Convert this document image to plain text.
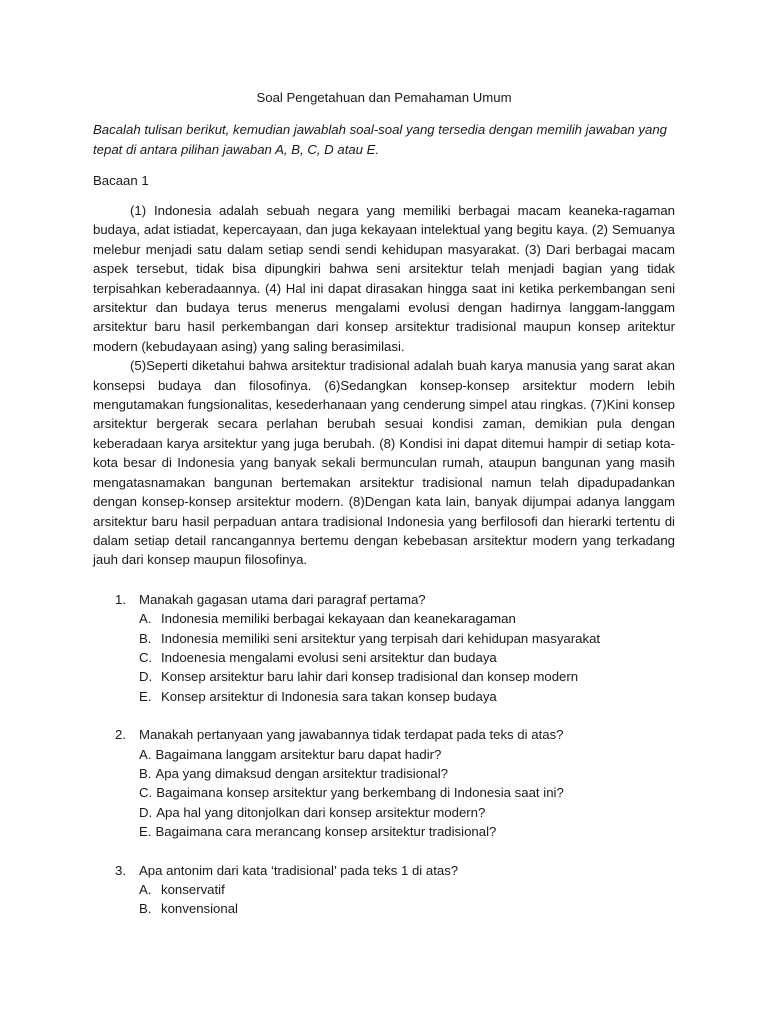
Soal Pengetahuan dan Pemahaman Umum
Bacalah tulisan berikut, kemudian jawablah soal-soal yang tersedia dengan memilih jawaban yang tepat di antara pilihan jawaban A, B, C, D atau E.
Bacaan 1

(1) Indonesia adalah sebuah negara yang memiliki berbagai macam keaneka-ragaman budaya, adat istiadat, kepercayaan, dan juga kekayaan intelektual yang begitu kaya. (2) Semuanya melebur menjadi satu dalam setiap sendi sendi kehidupan masyarakat. (3) Dari berbagai macam aspek tersebut, tidak bisa dipungkiri bahwa seni arsitektur telah menjadi bagian yang tidak terpisahkan keberadaannya. (4) Hal ini dapat dirasakan hingga saat ini ketika perkembangan seni arsitektur dan budaya terus menerus mengalami evolusi dengan hadirnya langgam-langgam arsitektur baru hasil perkembangan dari konsep arsitektur tradisional maupun konsep aritektur modern (kebudayaan asing) yang saling berasimilasi.

(5)Seperti diketahui bahwa arsitektur tradisional adalah buah karya manusia yang sarat akan konsepsi budaya dan filosofinya. (6)Sedangkan konsep-konsep arsitektur modern lebih mengutamakan fungsionalitas, kesederhanaan yang cenderung simpel atau ringkas. (7)Kini konsep arsitektur bergerak secara perlahan berubah sesuai kondisi zaman, demikian pula dengan keberadaan karya arsitektur yang juga berubah. (8) Kondisi ini dapat ditemui hampir di setiap kota-kota besar di Indonesia yang banyak sekali bermunculan rumah, ataupun bangunan yang masih mengatasnamakan bangunan bertemakan arsitektur tradisional namun telah dipadupadankan dengan konsep-konsep arsitektur modern. (8)Dengan kata lain, banyak dijumpai adanya langgam arsitektur baru hasil perpaduan antara tradisional Indonesia yang berfilosofi dan hierarki tertentu di dalam setiap detail rancangannya bertemu dengan kebebasan arsitektur modern yang terkadang jauh dari konsep maupun filosofinya.

1. Manakah gagasan utama dari paragraf pertama?
A. Indonesia memiliki berbagai kekayaan dan keanekaragaman
B. Indonesia memiliki seni arsitektur yang terpisah dari kehidupan masyarakat
C. Indoenesia mengalami evolusi seni arsitektur dan budaya
D. Konsep arsitektur baru lahir dari konsep tradisional dan konsep modern
E. Konsep arsitektur di Indonesia sara takan konsep budaya
2. Manakah pertanyaan yang jawabannya tidak terdapat pada teks di atas?
A. Bagaimana langgam arsitektur baru dapat hadir?
B. Apa yang dimaksud dengan arsitektur tradisional?
C. Bagaimana konsep arsitektur yang berkembang di Indonesia saat ini?
D. Apa hal yang ditonjolkan dari konsep arsitektur modern?
E. Bagaimana cara merancang konsep arsitektur tradisional?
3. Apa antonim dari kata ‘tradisional’ pada teks 1 di atas?
A. konservatif
B. konvensional
